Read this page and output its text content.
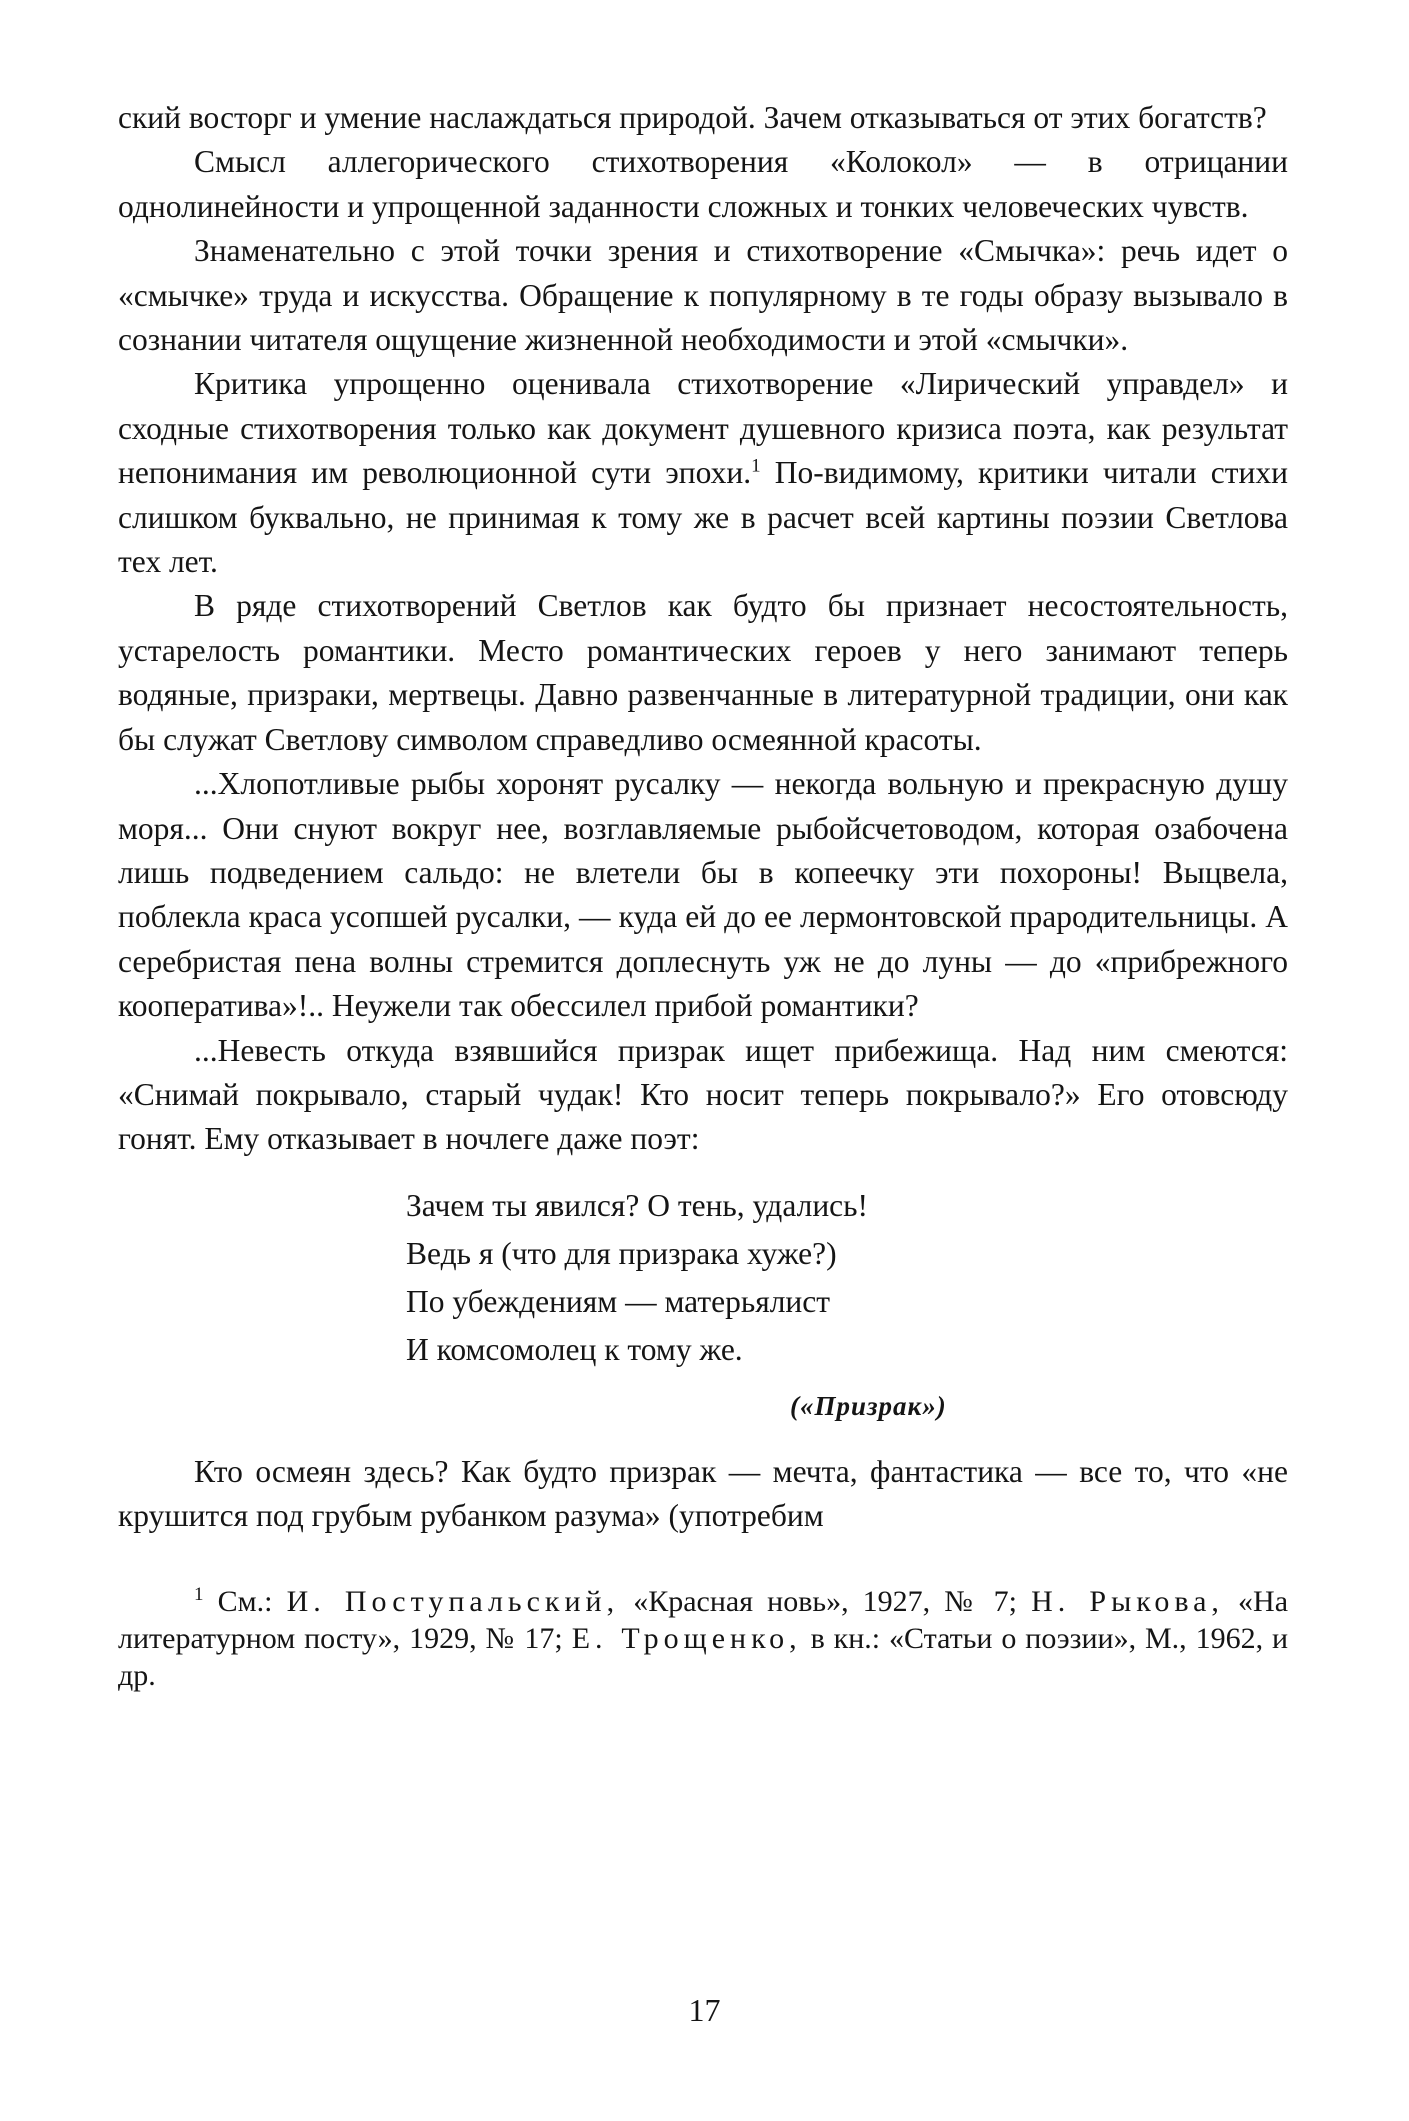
ский восторг и умение наслаждаться природой. Зачем отказываться от этих богатств?

Смысл аллегорического стихотворения «Колокол» — в отрицании однолинейности и упрощенной заданности сложных и тонких человеческих чувств.

Знаменательно с этой точки зрения и стихотворение «Смычка»: речь идет о «смычке» труда и искусства. Обращение к популярному в те годы образу вызывало в сознании читателя ощущение жизненной необходимости и этой «смычки».

Критика упрощенно оценивала стихотворение «Лирический управдел» и сходные стихотворения только как документ душевного кризиса поэта, как результат непонимания им революционной сути эпохи.$^1$ По-видимому, критики читали стихи слишком буквально, не принимая к тому же в расчет всей картины поэзии Светлова тех лет.

В ряде стихотворений Светлов как будто бы признает несостоятельность, устарелость романтики. Место романтических героев у него занимают теперь водяные, призраки, мертвецы. Давно развенчанные в литературной традиции, они как бы служат Светлову символом справедливо осмеянной красоты.

...Хлопотливые рыбы хоронят русалку — некогда вольную и прекрасную душу моря... Они снуют вокруг нее, возглавляемые рыбойсчетоводом, которая озабочена лишь подведением сальдо: не влетели бы в копеечку эти похороны! Выцвела, поблекла краса усопшей русалки, — куда ей до ее лермонтовской прародительницы. А серебристая пена волны стремится доплеснуть уж не до луны — до «прибрежного кооператива»!.. Неужели так обессилел прибой романтики?

...Невесть откуда взявшийся призрак ищет прибежища. Над ним смеются: «Снимай покрывало, старый чудак! Кто носит теперь покрывало?» Его отовсюду гонят. Ему отказывает в ночлеге даже поэт:

Зачем ты явился? О тень, удались!
Ведь я (что для призрака хуже?)
По убеждениям — матерьялист
И комсомолец к тому же.
(«Призрак»)

Кто осмеян здесь? Как будто призрак — мечта, фантастика — все то, что «не крушится под грубым рубанком разума» (употребим

$^1$ См.: И. Поступальский, «Красная новь», 1927, № 7; Н. Рыкова, «На литературном посту», 1929, № 17; Е. Трощенко, в кн.: «Статьи о поэзии», М., 1962, и др.
17
